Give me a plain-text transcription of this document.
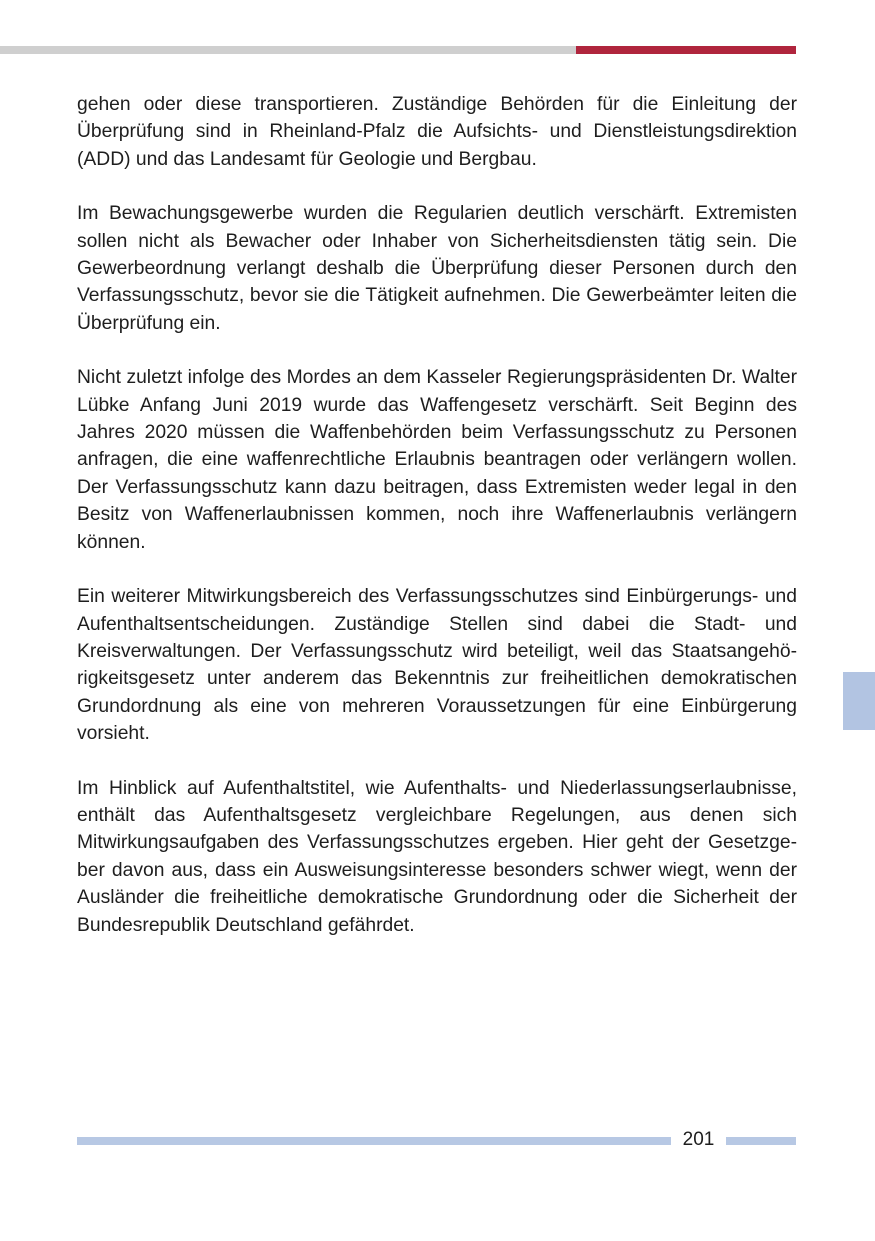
gehen oder diese transportieren. Zuständige Behörden für die Einleitung der Überprüfung sind in Rheinland-Pfalz die Aufsichts- und Dienstleistungsdirektion (ADD) und das Landesamt für Geologie und Bergbau.

Im Bewachungsgewerbe wurden die Regularien deutlich verschärft. Extremisten sollen nicht als Bewacher oder Inhaber von Sicherheitsdiensten tätig sein. Die Gewerbeordnung verlangt deshalb die Überprüfung dieser Personen durch den Verfassungsschutz, bevor sie die Tätigkeit aufnehmen. Die Gewerbeämter leiten die Überprüfung ein.

Nicht zuletzt infolge des Mordes an dem Kasseler Regierungspräsidenten Dr. Walter Lübke Anfang Juni 2019 wurde das Waffengesetz verschärft. Seit Beginn des Jahres 2020 müssen die Waffenbehörden beim Verfassungsschutz zu Personen anfragen, die eine waffenrechtliche Erlaubnis beantragen oder verlängern wollen. Der Verfassungsschutz kann dazu beitragen, dass Extremisten weder legal in den Besitz von Waffenerlaubnissen kommen, noch ihre Waffenerlaubnis verlängern können.

Ein weiterer Mitwirkungsbereich des Verfassungsschutzes sind Einbürgerungs- und Aufenthaltsentscheidungen. Zuständige Stellen sind dabei die Stadt- und Kreisverwaltungen. Der Verfassungsschutz wird beteiligt, weil das Staatsangehörigkeitsgesetz unter anderem das Bekenntnis zur freiheitlichen demokratischen Grundordnung als eine von mehreren Voraussetzungen für eine Einbürgerung vorsieht.

Im Hinblick auf Aufenthaltstitel, wie Aufenthalts- und Niederlassungserlaubnisse, enthält das Aufenthaltsgesetz vergleichbare Regelungen, aus denen sich Mitwirkungsaufgaben des Verfassungsschutzes ergeben. Hier geht der Gesetzgeber davon aus, dass ein Ausweisungsinteresse besonders schwer wiegt, wenn der Ausländer die freiheitliche demokratische Grundordnung oder die Sicherheit der Bundesrepublik Deutschland gefährdet.

201
